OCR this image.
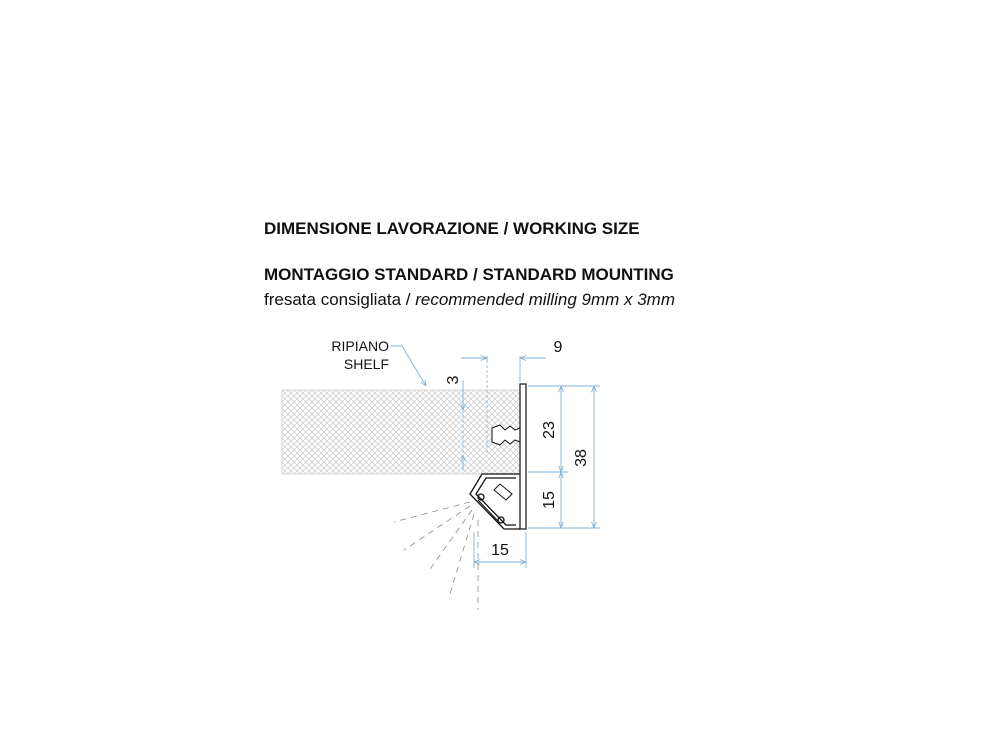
DIMENSIONE LAVORAZIONE / WORKING SIZE
MONTAGGIO STANDARD / STANDARD MOUNTING
fresata consigliata / recommended milling 9mm x 3mm
RIPIANO
SHELF
9
3
23
38
15
15
